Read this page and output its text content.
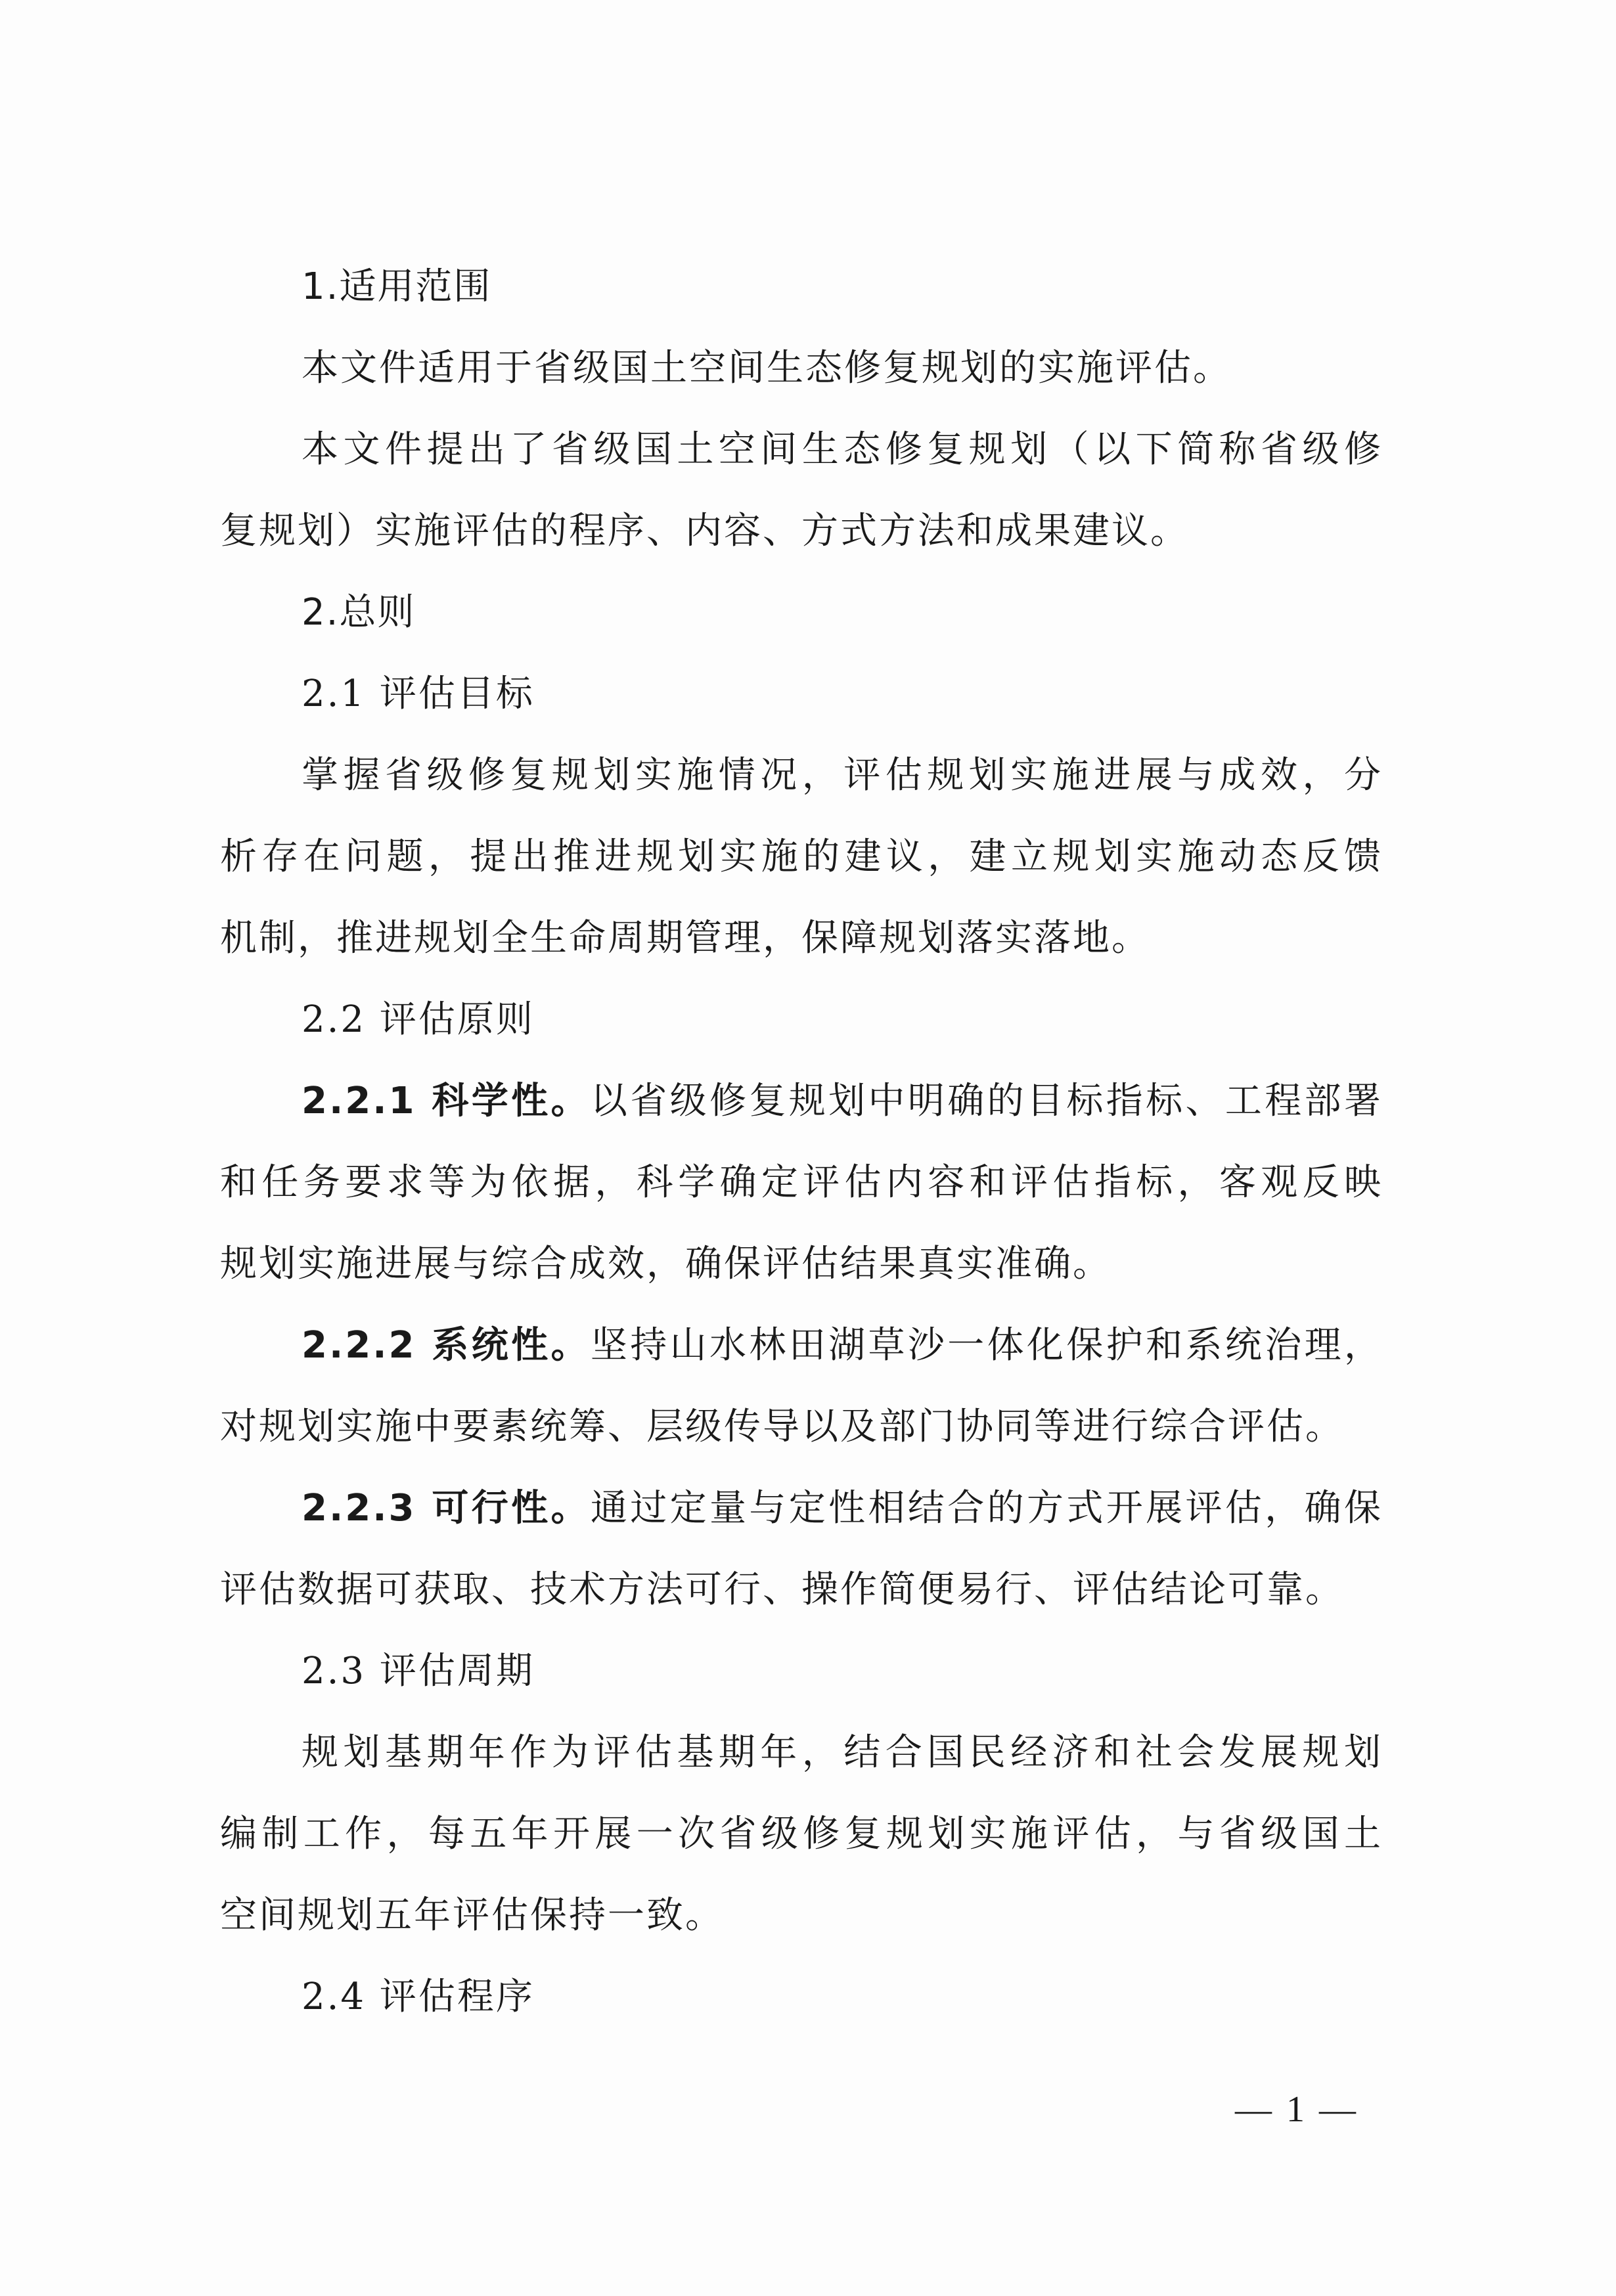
1.适用范围
本文件适用于省级国土空间生态修复规划的实施评估。
本文件提出了省级国土空间生态修复规划（以下简称省级修
复规划）实施评估的程序、内容、方式方法和成果建议。
2.总则
2.1 评估目标
掌握省级修复规划实施情况，评估规划实施进展与成效，分
析存在问题，提出推进规划实施的建议，建立规划实施动态反馈
机制，推进规划全生命周期管理，保障规划落实落地。
2.2 评估原则
2.2.1 科学性。以省级修复规划中明确的目标指标、工程部署
和任务要求等为依据，科学确定评估内容和评估指标，客观反映
规划实施进展与综合成效，确保评估结果真实准确。
2.2.2 系统性。坚持山水林田湖草沙一体化保护和系统治理，
对规划实施中要素统筹、层级传导以及部门协同等进行综合评估。
2.2.3 可行性。通过定量与定性相结合的方式开展评估，确保
评估数据可获取、技术方法可行、操作简便易行、评估结论可靠。
2.3 评估周期
规划基期年作为评估基期年，结合国民经济和社会发展规划
编制工作，每五年开展一次省级修复规划实施评估，与省级国土
空间规划五年评估保持一致。
2.4 评估程序
— 1 —
